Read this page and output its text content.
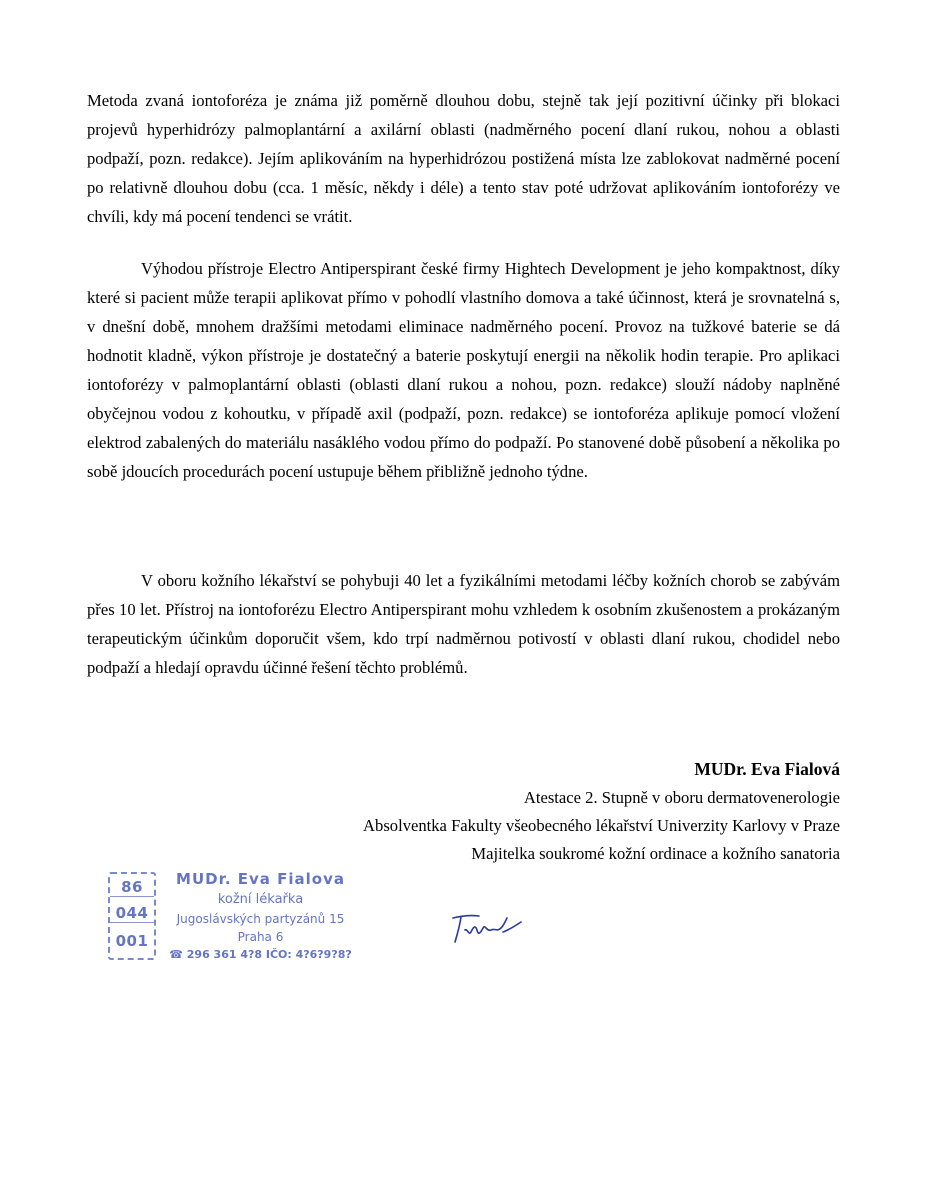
Metoda zvaná iontoforéza je známa již poměrně dlouhou dobu, stejně tak její pozitivní účinky při blokaci projevů hyperhidrózy palmoplantární a axilární oblasti (nadměrného pocení dlaní rukou, nohou a oblasti podpaží, pozn. redakce). Jejím aplikováním na hyperhidrózou postižená místa lze zablokovat nadměrné pocení po relativně dlouhou dobu (cca. 1 měsíc, někdy i déle) a tento stav poté udržovat aplikováním iontoforézy ve chvíli, kdy má pocení tendenci se vrátit.

Výhodou přístroje Electro Antiperspirant české firmy Hightech Development je jeho kompaktnost, díky které si pacient může terapii aplikovat přímo v pohodlí vlastního domova a také účinnost, která je srovnatelná s, v dnešní době, mnohem dražšími metodami eliminace nadměrného pocení. Provoz na tužkové baterie se dá hodnotit kladně, výkon přístroje je dostatečný a baterie poskytují energii na několik hodin terapie. Pro aplikaci iontoforézy v palmoplantární oblasti (oblasti dlaní rukou a nohou, pozn. redakce) slouží nádoby naplněné obyčejnou vodou z kohoutku, v případě axil (podpaží, pozn. redakce) se iontoforéza aplikuje pomocí vložení elektrod zabalených do materiálu nasáklého vodou přímo do podpaží. Po stanovené době působení a několika po sobě jdoucích procedurách pocení ustupuje během přibližně jednoho týdne.

V oboru kožního lékařství se pohybuji 40 let a fyzikálními metodami léčby kožních chorob se zabývám přes 10 let. Přístroj na iontoforézu Electro Antiperspirant mohu vzhledem k osobním zkušenostem a prokázaným terapeutickým účinkům doporučit všem, kdo trpí nadměrnou potivostí v oblasti dlaní rukou, chodidel nebo podpaží a hledají opravdu účinné řešení těchto problémů.

MUDr. Eva Fialová
Atestace 2. Stupně v oboru dermatovenerologie
Absolventka Fakulty všeobecného lékařství Univerzity Karlovy v Praze
Majitelka soukromé kožní ordinace a kožního sanatoria
86
044
001
MUDr. Eva Fialova
kožní lékařka
Jugoslávských partyzánů 15
Praha 6
☎ 296 361 4?8 IČO: 4?6?9?8?
